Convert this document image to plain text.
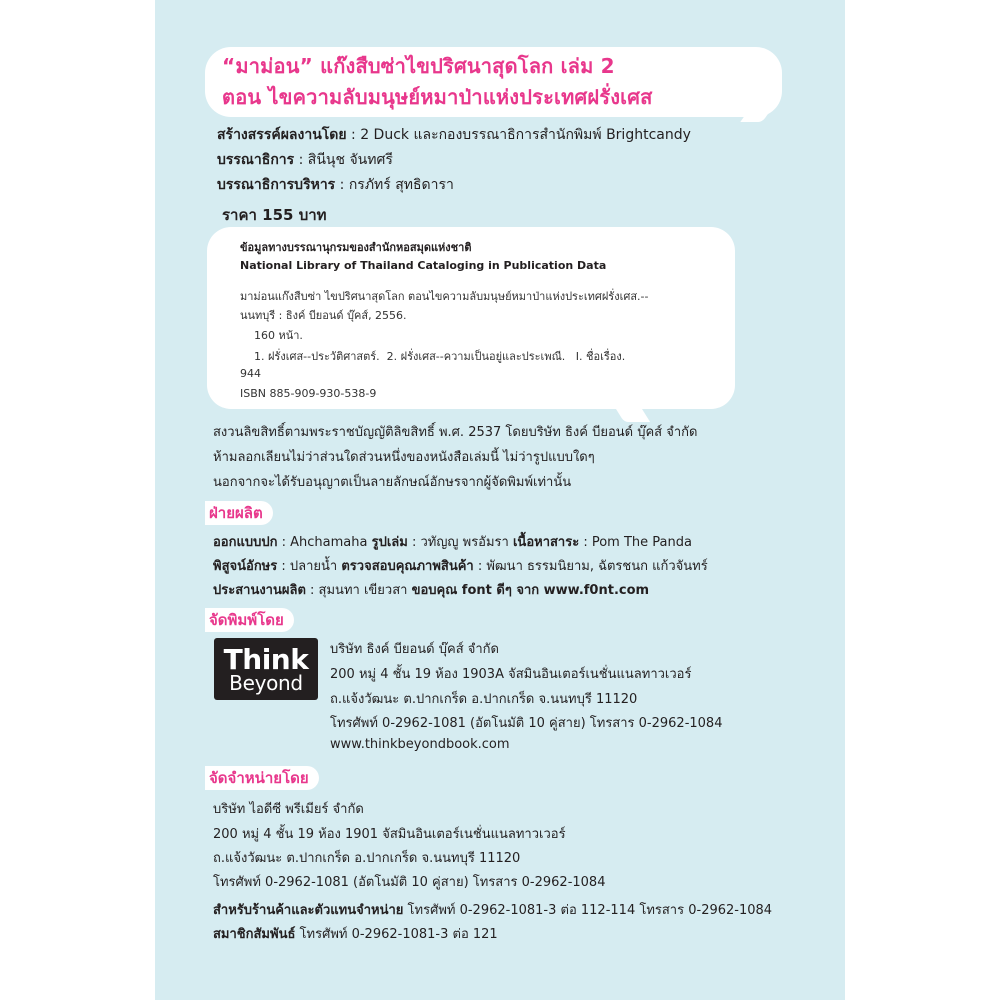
“มาม่อน” แก๊งสืบซ่าไขปริศนาสุดโลก เล่ม 2
ตอน ไขความลับมนุษย์หมาป่าแห่งประเทศฝรั่งเศส
สร้างสรรค์ผลงานโดย : 2 Duck และกองบรรณาธิการสำนักพิมพ์ Brightcandy
บรรณาธิการ : สินีนุช จันทศรี
บรรณาธิการบริหาร : กรภัทร์ สุทธิดารา
ราคา 155 บาท
ข้อมูลทางบรรณานุกรมของสำนักหอสมุดแห่งชาติ
National Library of Thailand Cataloging in Publication Data
มาม่อนแก๊งสืบซ่า ไขปริศนาสุดโลก ตอนไขความลับมนุษย์หมาป่าแห่งประเทศฝรั่งเศส.--
นนทบุรี : ธิงค์ บียอนด์ บุ๊คส์, 2556.
160 หน้า.
1. ฝรั่งเศส--ประวัติศาสตร์.  2. ฝรั่งเศส--ความเป็นอยู่และประเพณี.   I. ชื่อเรื่อง.
944
ISBN 885-909-930-538-9
สงวนลิขสิทธิ์ตามพระราชบัญญัติลิขสิทธิ์ พ.ศ. 2537 โดยบริษัท ธิงค์ บียอนด์ บุ๊คส์ จำกัด
ห้ามลอกเลียนไม่ว่าส่วนใดส่วนหนึ่งของหนังสือเล่มนี้ ไม่ว่ารูปแบบใดๆ
นอกจากจะได้รับอนุญาตเป็นลายลักษณ์อักษรจากผู้จัดพิมพ์เท่านั้น
ฝ่ายผลิต
ออกแบบปก : Ahchamaha รูปเล่ม : วทัญญู พรอัมรา เนื้อหาสาระ : Pom The Panda
พิสูจน์อักษร : ปลายน้ำ ตรวจสอบคุณภาพสินค้า : พัฒนา ธรรมนิยาม, ฉัตรชนก แก้วจันทร์
ประสานงานผลิต : สุมนทา เขียวสา ขอบคุณ font ดีๆ จาก www.f0nt.com
จัดพิมพ์โดย
Think
Beyond
บริษัท ธิงค์ บียอนด์ บุ๊คส์ จำกัด
200 หมู่ 4 ชั้น 19 ห้อง 1903A จัสมินอินเตอร์เนชั่นแนลทาวเวอร์
ถ.แจ้งวัฒนะ ต.ปากเกร็ด อ.ปากเกร็ด จ.นนทบุรี 11120
โทรศัพท์ 0-2962-1081 (อัตโนมัติ 10 คู่สาย) โทรสาร 0-2962-1084
www.thinkbeyondbook.com
จัดจำหน่ายโดย
บริษัท ไอดีซี พรีเมียร์ จำกัด
200 หมู่ 4 ชั้น 19 ห้อง 1901 จัสมินอินเตอร์เนชั่นแนลทาวเวอร์
ถ.แจ้งวัฒนะ ต.ปากเกร็ด อ.ปากเกร็ด จ.นนทบุรี 11120
โทรศัพท์ 0-2962-1081 (อัตโนมัติ 10 คู่สาย) โทรสาร 0-2962-1084
สำหรับร้านค้าและตัวแทนจำหน่าย โทรศัพท์ 0-2962-1081-3 ต่อ 112-114 โทรสาร 0-2962-1084
สมาชิกสัมพันธ์ โทรศัพท์ 0-2962-1081-3 ต่อ 121
